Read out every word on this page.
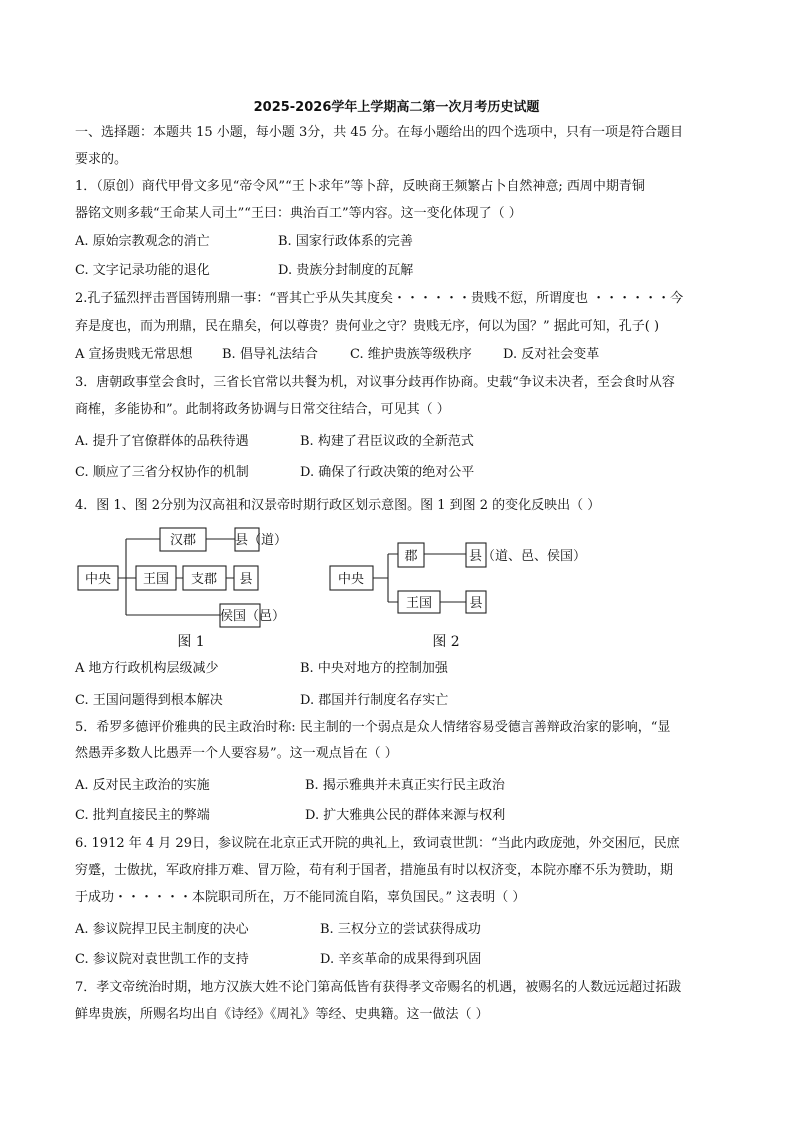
2025-2026学年上学期高二第一次月考历史试题
一、选择题：本题共 15 小题，每小题 3分，共 45 分。在每小题给出的四个选项中，只有一项是符合题目
要求的。
1．（原创）商代甲骨文多见“帝令风”“王卜求年”等卜辞，反映商王频繁占卜自然神意; 西周中期青铜
器铭文则多载“王命某人司土”“王曰：典治百工”等内容。这一变化体现了（ ）
A. 原始宗教观念的消亡	B. 国家行政体系的完善
C. 文字记录功能的退化	D. 贵族分封制度的瓦解
2.孔子猛烈抨击晋国铸刑鼎一事：“晋其亡乎从失其度矣・・・・・・贵贱不愆，所谓度也 ・・・・・・今
弃是度也，而为刑鼎，民在鼎矣，何以尊贵？贵何业之守？贵贱无序，何以为国？” 据此可知，孔子( )
A 宣扬贵贱无常思想 B. 倡导礼法结合 C. 维护贵族等级秩序 D. 反对社会变革
3．唐朝政事堂会食时，三省长官常以共餐为机，对议事分歧再作协商。史载“争议未决者，至会食时从容
商榷，多能协和”。此制将政务协调与日常交往结合，可见其（ ）
A. 提升了官僚群体的品秩待遇	B. 构建了君臣议政的全新范式
C. 顺应了三省分权协作的机制	D. 确保了行政决策的绝对公平
4．图 1、图 2分别为汉高祖和汉景帝时期行政区划示意图。图 1 到图 2 的变化反映出（ ）
中央
汉郡
王国 支郡 县
县（道）
侯国（邑）
图 1
中央
郡	县（道、邑、侯国）
王国	县
图 2
A 地方行政机构层级减少	B. 中央对地方的控制加强
C. 王国问题得到根本解决	D. 郡国并行制度名存实亡
5．希罗多德评价雅典的民主政治时称: 民主制的一个弱点是众人情绪容易受德言善辩政治家的影响，“显
然愚弄多数人比愚弄一个人要容易”。这一观点旨在（ ）
A. 反对民主政治的实施	B. 揭示雅典并未真正实行民主政治
C. 批判直接民主的弊端	D. 扩大雅典公民的群体来源与权利
6. 1912 年 4 月 29日，参议院在北京正式开院的典礼上，致词袁世凯：“当此内政庞弛，外交困厄，民庶
穷蹙，士傲扰，军政府排万难、冒万险，苟有利于国者，措施虽有时以权济变，本院亦靡不乐为赞助，期
于成功・・・・・・本院职司所在，万不能同流自陷，辜负国民。” 这表明（ ）
A. 参议院捍卫民主制度的决心	B. 三权分立的尝试获得成功
C. 参议院对袁世凯工作的支持	D. 辛亥革命的成果得到巩固
7．孝文帝统治时期，地方汉族大姓不论门第高低皆有获得孝文帝赐名的机遇，被赐名的人数远远超过拓跋
鲜卑贵族，所赐名均出自《诗经》《周礼》等经、史典籍。这一做法（ ）
